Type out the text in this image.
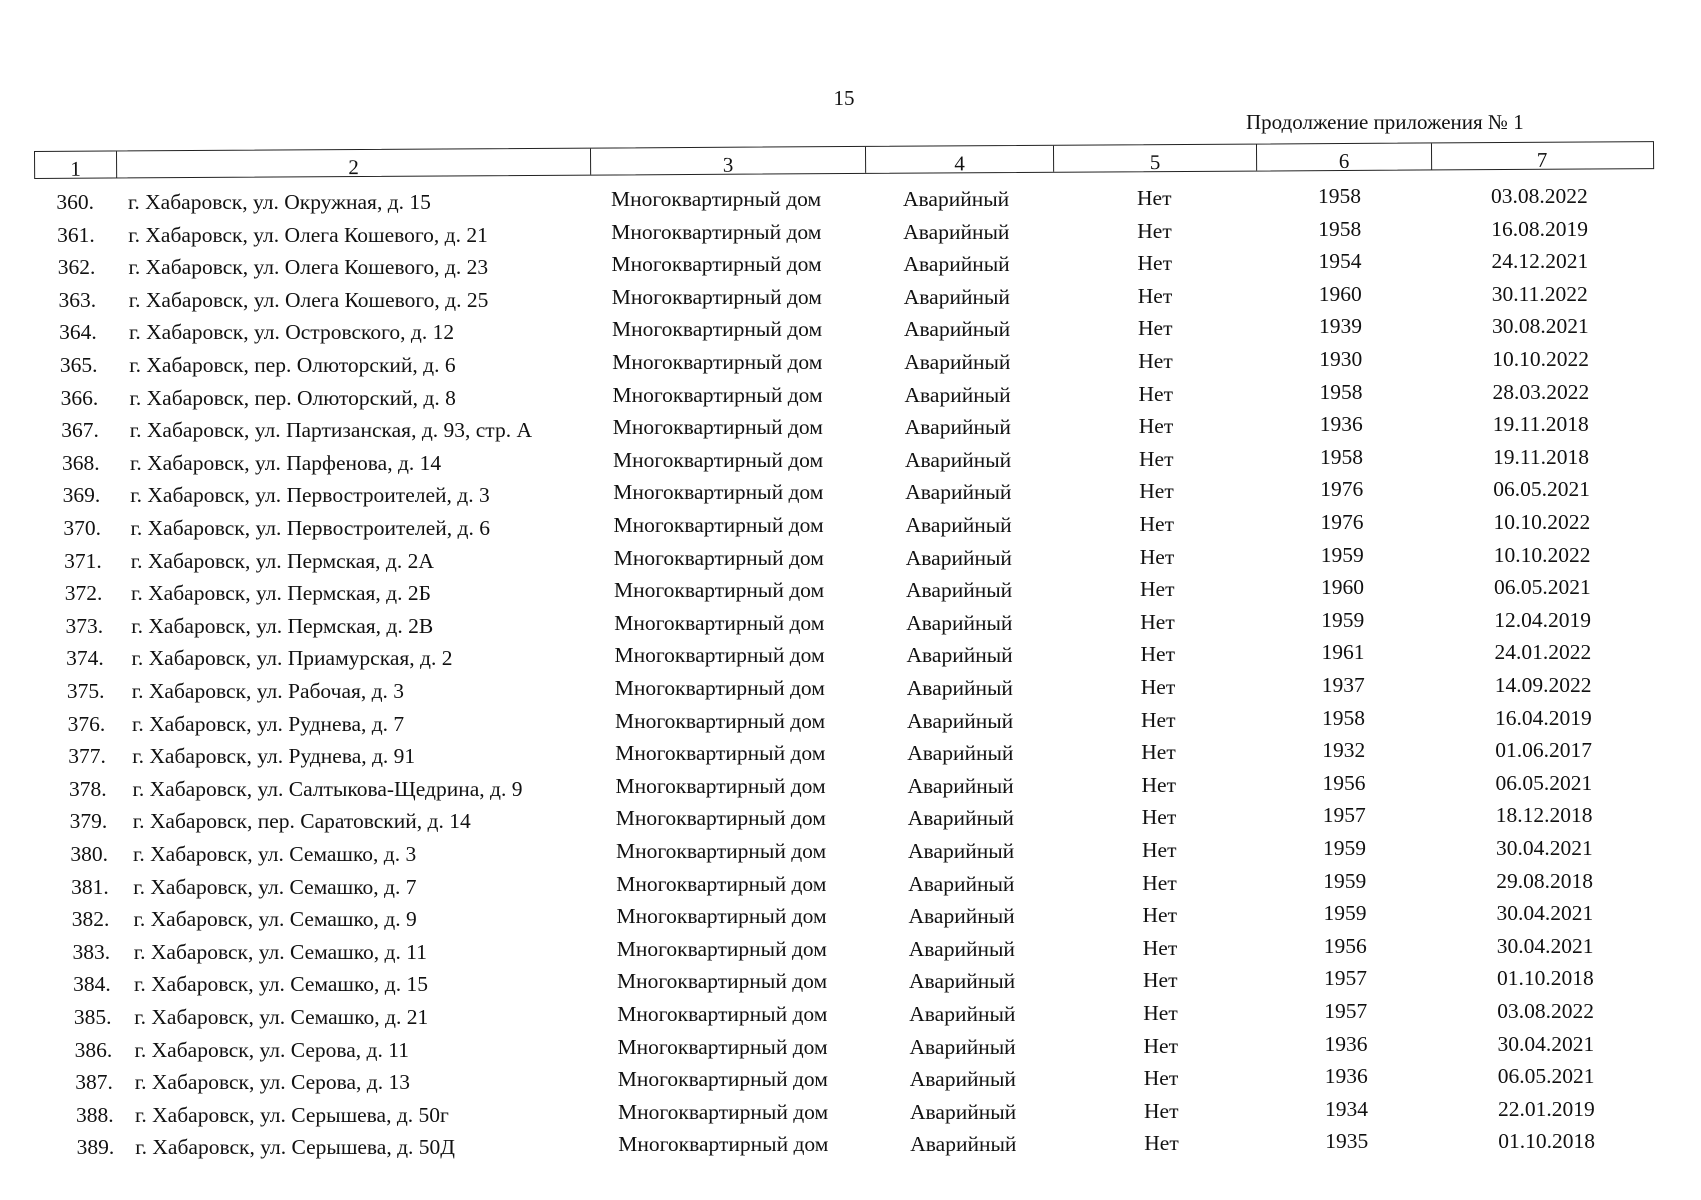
15
Продолжение приложения № 1
1	2	3	4	5	6	7
360. г. Хабаровск, ул. Окружная, д. 15	Многоквартирный дом	Аварийный	Нет	1958	03.08.2022
361. г. Хабаровск, ул. Олега Кошевого, д. 21	Многоквартирный дом	Аварийный	Нет	1958	16.08.2019
362. г. Хабаровск, ул. Олега Кошевого, д. 23	Многоквартирный дом	Аварийный	Нет	1954	24.12.2021
363. г. Хабаровск, ул. Олега Кошевого, д. 25	Многоквартирный дом	Аварийный	Нет	1960	30.11.2022
364. г. Хабаровск, ул. Островского, д. 12	Многоквартирный дом	Аварийный	Нет	1939	30.08.2021
365. г. Хабаровск, пер. Олюторский, д. 6	Многоквартирный дом	Аварийный	Нет	1930	10.10.2022
366. г. Хабаровск, пер. Олюторский, д. 8	Многоквартирный дом	Аварийный	Нет	1958	28.03.2022
367. г. Хабаровск, ул. Партизанская, д. 93, стр. А	Многоквартирный дом	Аварийный	Нет	1936	19.11.2018
368. г. Хабаровск, ул. Парфенова, д. 14	Многоквартирный дом	Аварийный	Нет	1958	19.11.2018
369. г. Хабаровск, ул. Первостроителей, д. 3	Многоквартирный дом	Аварийный	Нет	1976	06.05.2021
370. г. Хабаровск, ул. Первостроителей, д. 6	Многоквартирный дом	Аварийный	Нет	1976	10.10.2022
371. г. Хабаровск, ул. Пермская, д. 2А	Многоквартирный дом	Аварийный	Нет	1959	10.10.2022
372. г. Хабаровск, ул. Пермская, д. 2Б	Многоквартирный дом	Аварийный	Нет	1960	06.05.2021
373. г. Хабаровск, ул. Пермская, д. 2В	Многоквартирный дом	Аварийный	Нет	1959	12.04.2019
374. г. Хабаровск, ул. Приамурская, д. 2	Многоквартирный дом	Аварийный	Нет	1961	24.01.2022
375. г. Хабаровск, ул. Рабочая, д. 3	Многоквартирный дом	Аварийный	Нет	1937	14.09.2022
376. г. Хабаровск, ул. Руднева, д. 7	Многоквартирный дом	Аварийный	Нет	1958	16.04.2019
377. г. Хабаровск, ул. Руднева, д. 91	Многоквартирный дом	Аварийный	Нет	1932	01.06.2017
378. г. Хабаровск, ул. Салтыкова-Щедрина, д. 9	Многоквартирный дом	Аварийный	Нет	1956	06.05.2021
379. г. Хабаровск, пер. Саратовский, д. 14	Многоквартирный дом	Аварийный	Нет	1957	18.12.2018
380. г. Хабаровск, ул. Семашко, д. 3	Многоквартирный дом	Аварийный	Нет	1959	30.04.2021
381. г. Хабаровск, ул. Семашко, д. 7	Многоквартирный дом	Аварийный	Нет	1959	29.08.2018
382. г. Хабаровск, ул. Семашко, д. 9	Многоквартирный дом	Аварийный	Нет	1959	30.04.2021
383. г. Хабаровск, ул. Семашко, д. 11	Многоквартирный дом	Аварийный	Нет	1956	30.04.2021
384. г. Хабаровск, ул. Семашко, д. 15	Многоквартирный дом	Аварийный	Нет	1957	01.10.2018
385. г. Хабаровск, ул. Семашко, д. 21	Многоквартирный дом	Аварийный	Нет	1957	03.08.2022
386. г. Хабаровск, ул. Серова, д. 11	Многоквартирный дом	Аварийный	Нет	1936	30.04.2021
387. г. Хабаровск, ул. Серова, д. 13	Многоквартирный дом	Аварийный	Нет	1936	06.05.2021
388. г. Хабаровск, ул. Серышева, д. 50г	Многоквартирный дом	Аварийный	Нет	1934	22.01.2019
389. г. Хабаровск, ул. Серышева, д. 50Д	Многоквартирный дом	Аварийный	Нет	1935	01.10.2018
